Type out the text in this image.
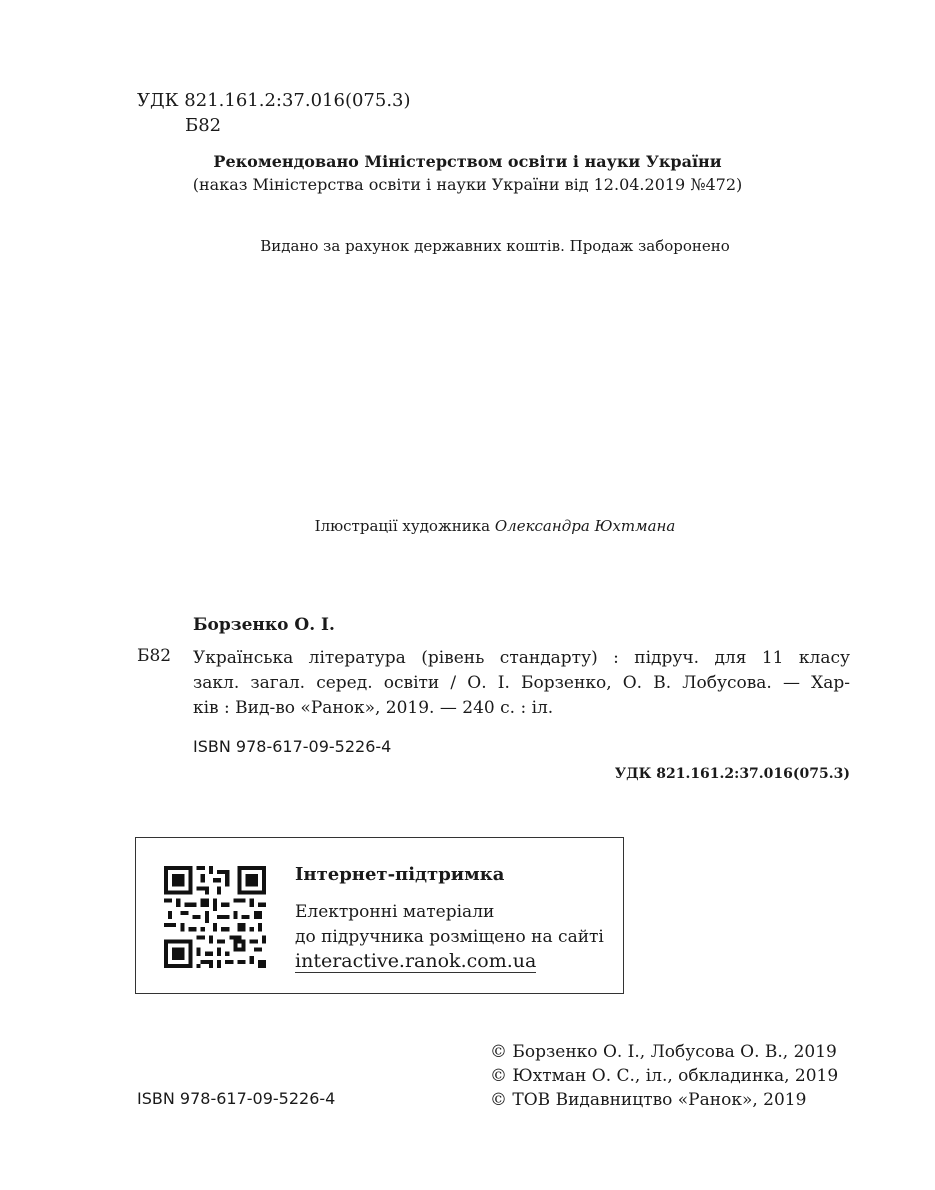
УДК 821.161.2:37.016(075.3)
Б82
Рекомендовано Міністерством освіти і науки України
(наказ Міністерства освіти і науки України від 12.04.2019 №472)
Видано за рахунок державних коштів. Продаж заборонено
Ілюстрації художника Олександра Юхтмана
Борзенко О. І.
Б82 Українська література (рівень стандарту) : підруч. для 11 класу
закл. загал. серед. освіти / О. І. Борзенко, О. В. Лобусова. — Хар-
ків : Вид-во «Ранок», 2019. — 240 с. : іл.
ISBN 978-617-09-5226-4
УДК 821.161.2:37.016(075.3)
Інтернет-підтримка
Електронні матеріали
до підручника розміщено на сайті
interactive.ranok.com.ua
ISBN 978-617-09-5226-4
© Борзенко О. І., Лобусова О. В., 2019
© Юхтман О. С., іл., обкладинка, 2019
© ТОВ Видавництво «Ранок», 2019
